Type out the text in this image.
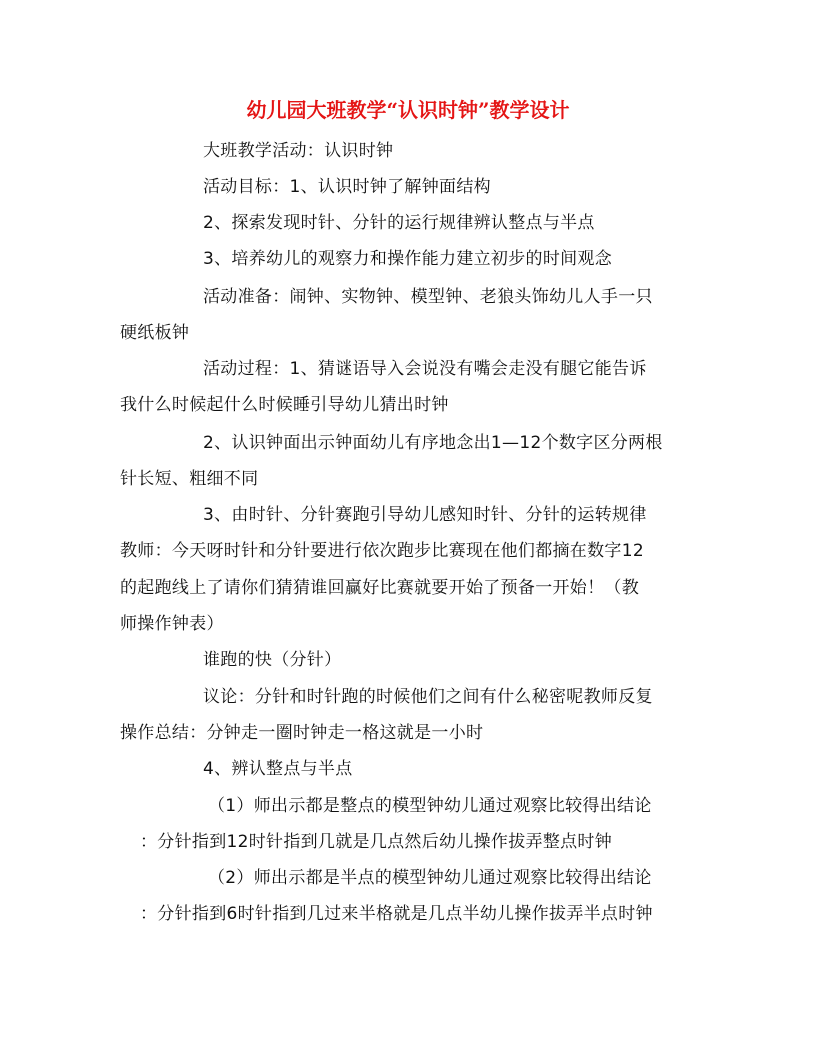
幼儿园大班教学“认识时钟”教学设计
大班教学活动：认识时钟
活动目标：1、认识时钟了解钟面结构
2、探索发现时针、分针的运行规律辨认整点与半点
3、培养幼儿的观察力和操作能力建立初步的时间观念
活动准备：闹钟、实物钟、模型钟、老狼头饰幼儿人手一只
硬纸板钟
活动过程：1、猜谜语导入会说没有嘴会走没有腿它能告诉
我什么时候起什么时候睡引导幼儿猜出时钟
2、认识钟面出示钟面幼儿有序地念出1—12个数字区分两根
针长短、粗细不同
3、由时针、分针赛跑引导幼儿感知时针、分针的运转规律
教师：今天呀时针和分针要进行依次跑步比赛现在他们都摘在数字12
的起跑线上了请你们猜猜谁回赢好比赛就要开始了预备一开始！（教
师操作钟表）
谁跑的快（分针）
议论：分针和时针跑的时候他们之间有什么秘密呢教师反复
操作总结：分钟走一圈时钟走一格这就是一小时
4、辨认整点与半点
（1）师出示都是整点的模型钟幼儿通过观察比较得出结论
：分针指到12时针指到几就是几点然后幼儿操作拔弄整点时钟
（2）师出示都是半点的模型钟幼儿通过观察比较得出结论
：分针指到6时针指到几过来半格就是几点半幼儿操作拔弄半点时钟
